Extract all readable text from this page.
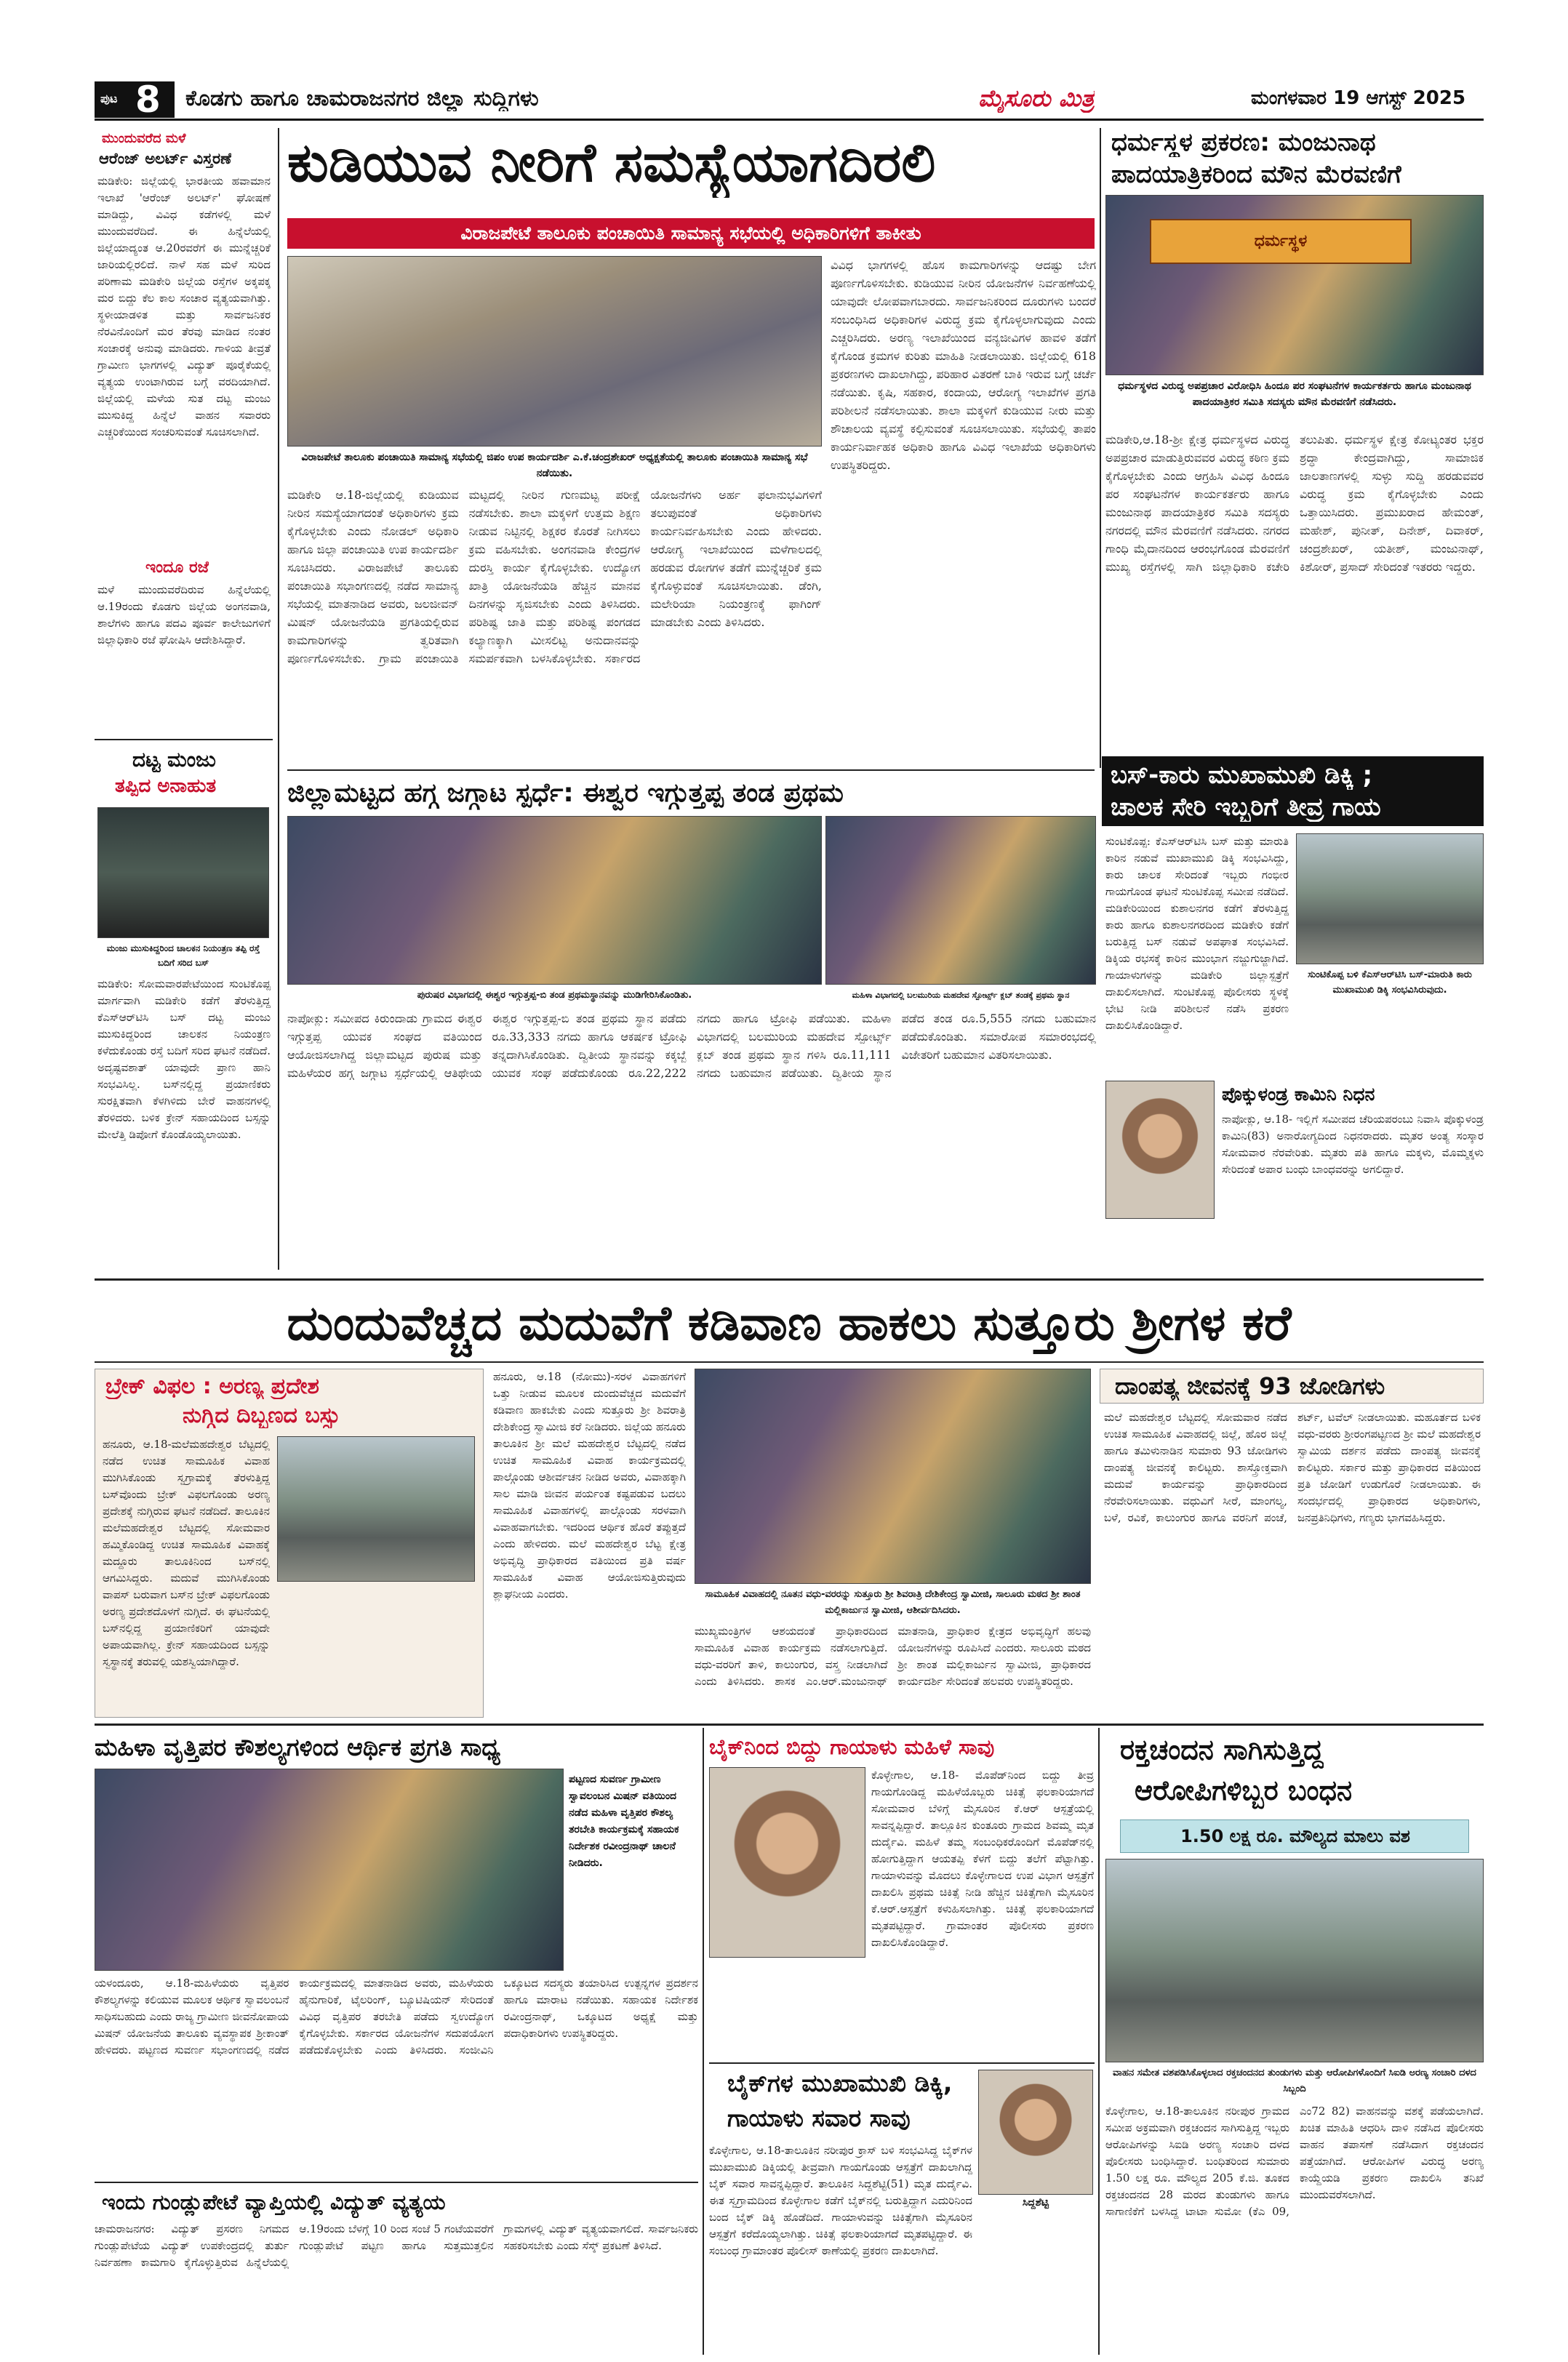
ಪುಟ 8 ಕೊಡಗು ಹಾಗೂ ಚಾಮರಾಜನಗರ ಜಿಲ್ಲಾ ಸುದ್ದಿಗಳು	ಮೈಸೂರು ಮಿತ್ರ	ಮಂಗಳವಾರ 19 ಆಗಸ್ಟ್ 2025
ಮುಂದುವರೆದ ಮಳೆ
ಆರೆಂಜ್ ಅಲರ್ಟ್ ವಿಸ್ತರಣೆ
ಮಡಿಕೇರಿ: ಜಿಲ್ಲೆಯಲ್ಲಿ ಭಾರತೀಯ ಹವಾಮಾನ ಇಲಾಖೆ 'ಆರೆಂಜ್ ಅಲರ್ಟ್' ಘೋಷಣೆ ಮಾಡಿದ್ದು, ವಿವಿಧ ಕಡೆಗಳಲ್ಲಿ ಮಳೆ ಮುಂದುವರೆದಿದೆ. ಈ ಹಿನ್ನೆಲೆಯಲ್ಲಿ ಜಿಲ್ಲೆಯಾದ್ಯಂತ ಆ.20ರವರೆಗೆ ಈ ಮುನ್ನೆಚ್ಚರಿಕೆ ಜಾರಿಯಲ್ಲಿರಲಿದೆ. ನಾಳೆ ಸಹ ಮಳೆ ಸುರಿದ ಪರಿಣಾಮ ಮಡಿಕೇರಿ ಜಿಲ್ಲೆಯ ರಸ್ತೆಗಳ ಅಕ್ಕಪಕ್ಕ ಮರ ಬಿದ್ದು ಕೆಲ ಕಾಲ ಸಂಚಾರ ವ್ಯತ್ಯಯವಾಗಿತ್ತು. ಸ್ಥಳೀಯಾಡಳಿತ ಮತ್ತು ಸಾರ್ವಜನಿಕರ ನೆರವಿನೊಂದಿಗೆ ಮರ ತೆರವು ಮಾಡಿದ ನಂತರ ಸಂಚಾರಕ್ಕೆ ಅನುವು ಮಾಡಿದರು. ಗಾಳಿಯ ತೀವ್ರತೆ ಗ್ರಾಮೀಣ ಭಾಗಗಳಲ್ಲಿ ವಿದ್ಯುತ್ ಪೂರೈಕೆಯಲ್ಲಿ ವ್ಯತ್ಯಯ ಉಂಟಾಗಿರುವ ಬಗ್ಗೆ ವರದಿಯಾಗಿದೆ. ಜಿಲ್ಲೆಯಲ್ಲಿ ಮಳೆಯ ಸುತ ದಟ್ಟ ಮಂಜು ಮುಸುಕಿದ್ದ ಹಿನ್ನೆಲೆ ವಾಹನ ಸವಾರರು ಎಚ್ಚರಿಕೆಯಿಂದ ಸಂಚರಿಸುವಂತೆ ಸೂಚಿಸಲಾಗಿದೆ.
ಇಂದೂ ರಜೆ
ಮಳೆ ಮುಂದುವರೆದಿರುವ ಹಿನ್ನೆಲೆಯಲ್ಲಿ ಆ.19ರಂದು ಕೊಡಗು ಜಿಲ್ಲೆಯ ಅಂಗನವಾಡಿ, ಶಾಲೆಗಳು ಹಾಗೂ ಪದವಿ ಪೂರ್ವ ಕಾಲೇಜುಗಳಿಗೆ ಜಿಲ್ಲಾಧಿಕಾರಿ ರಜೆ ಘೋಷಿಸಿ ಆದೇಶಿಸಿದ್ದಾರೆ.
ದಟ್ಟ ಮಂಜು
ತಪ್ಪಿದ ಅನಾಹುತ
ಮಂಜು ಮುಸುಕಿದ್ದರಿಂದ ಚಾಲಕನ ನಿಯಂತ್ರಣ ತಪ್ಪಿ ರಸ್ತೆ ಬದಿಗೆ ಸರಿದ ಬಸ್
ಮಡಿಕೇರಿ: ಸೋಮವಾರಪೇಟೆಯಿಂದ ಸುಂಟಿಕೊಪ್ಪ ಮಾರ್ಗವಾಗಿ ಮಡಿಕೇರಿ ಕಡೆಗೆ ತೆರಳುತ್ತಿದ್ದ ಕೆಎಸ್ಆರ್‌ಟಿಸಿ ಬಸ್ ದಟ್ಟ ಮಂಜು ಮುಸುಕಿದ್ದರಿಂದ ಚಾಲಕನ ನಿಯಂತ್ರಣ ಕಳೆದುಕೊಂಡು ರಸ್ತೆ ಬದಿಗೆ ಸರಿದ ಘಟನೆ ನಡೆದಿದೆ. ಅದೃಷ್ಟವಶಾತ್ ಯಾವುದೇ ಪ್ರಾಣ ಹಾನಿ ಸಂಭವಿಸಿಲ್ಲ. ಬಸ್‌ನಲ್ಲಿದ್ದ ಪ್ರಯಾಣಿಕರು ಸುರಕ್ಷಿತವಾಗಿ ಕೆಳಗಿಳಿದು ಬೇರೆ ವಾಹನಗಳಲ್ಲಿ ತೆರಳಿದರು. ಬಳಿಕ ಕ್ರೇನ್ ಸಹಾಯದಿಂದ ಬಸ್ಸನ್ನು ಮೇಲೆತ್ತಿ ಡಿಪೋಗೆ ಕೊಂಡೊಯ್ಯಲಾಯಿತು.
ಕುಡಿಯುವ ನೀರಿಗೆ ಸಮಸ್ಯೆಯಾಗದಿರಲಿ
ವಿರಾಜಪೇಟೆ ತಾಲೂಕು ಪಂಚಾಯಿತಿ ಸಾಮಾನ್ಯ ಸಭೆಯಲ್ಲಿ ಅಧಿಕಾರಿಗಳಿಗೆ ತಾಕೀತು
ವಿರಾಜಪೇಟೆ ತಾಲೂಕು ಪಂಚಾಯಿತಿ ಸಾಮಾನ್ಯ ಸಭೆಯಲ್ಲಿ ಜಿಪಂ ಉಪ ಕಾರ್ಯದರ್ಶಿ ಎ.ಕೆ.ಚಂದ್ರಶೇಖರ್ ಅಧ್ಯಕ್ಷತೆಯಲ್ಲಿ ತಾಲೂಕು ಪಂಚಾಯಿತಿ ಸಾಮಾನ್ಯ ಸಭೆ ನಡೆಯಿತು.
ವಿವಿಧ ಭಾಗಗಳಲ್ಲಿ ಹೊಸ ಕಾಮಗಾರಿಗಳನ್ನು ಆದಷ್ಟು ಬೇಗ ಪೂರ್ಣಗೊಳಿಸಬೇಕು. ಕುಡಿಯುವ ನೀರಿನ ಯೋಜನೆಗಳ ನಿರ್ವಹಣೆಯಲ್ಲಿ ಯಾವುದೇ ಲೋಪವಾಗಬಾರದು. ಸಾರ್ವಜನಿಕರಿಂದ ದೂರುಗಳು ಬಂದರೆ ಸಂಬಂಧಿಸಿದ ಅಧಿಕಾರಿಗಳ ವಿರುದ್ಧ ಕ್ರಮ ಕೈಗೊಳ್ಳಲಾಗುವುದು ಎಂದು ಎಚ್ಚರಿಸಿದರು. ಅರಣ್ಯ ಇಲಾಖೆಯಿಂದ ವನ್ಯಜೀವಿಗಳ ಹಾವಳಿ ತಡೆಗೆ ಕೈಗೊಂಡ ಕ್ರಮಗಳ ಕುರಿತು ಮಾಹಿತಿ ನೀಡಲಾಯಿತು. ಜಿಲ್ಲೆಯಲ್ಲಿ 618 ಪ್ರಕರಣಗಳು ದಾಖಲಾಗಿದ್ದು, ಪರಿಹಾರ ವಿತರಣೆ ಬಾಕಿ ಇರುವ ಬಗ್ಗೆ ಚರ್ಚೆ ನಡೆಯಿತು. ಕೃಷಿ, ಸಹಕಾರ, ಕಂದಾಯ, ಆರೋಗ್ಯ ಇಲಾಖೆಗಳ ಪ್ರಗತಿ ಪರಿಶೀಲನೆ ನಡೆಸಲಾಯಿತು. ಶಾಲಾ ಮಕ್ಕಳಿಗೆ ಕುಡಿಯುವ ನೀರು ಮತ್ತು ಶೌಚಾಲಯ ವ್ಯವಸ್ಥೆ ಕಲ್ಪಿಸುವಂತೆ ಸೂಚಿಸಲಾಯಿತು. ಸಭೆಯಲ್ಲಿ ತಾಪಂ ಕಾರ್ಯನಿರ್ವಾಹಕ ಅಧಿಕಾರಿ ಹಾಗೂ ವಿವಿಧ ಇಲಾಖೆಯ ಅಧಿಕಾರಿಗಳು ಉಪಸ್ಥಿತರಿದ್ದರು.
ಮಡಿಕೇರಿ ಆ.18-ಜಿಲ್ಲೆಯಲ್ಲಿ ಕುಡಿಯುವ ನೀರಿನ ಸಮಸ್ಯೆಯಾಗದಂತೆ ಅಧಿಕಾರಿಗಳು ಕ್ರಮ ಕೈಗೊಳ್ಳಬೇಕು ಎಂದು ನೋಡಲ್ ಅಧಿಕಾರಿ ಹಾಗೂ ಜಿಲ್ಲಾ ಪಂಚಾಯಿತಿ ಉಪ ಕಾರ್ಯದರ್ಶಿ ಸೂಚಿಸಿದರು. ವಿರಾಜಪೇಟೆ ತಾಲೂಕು ಪಂಚಾಯಿತಿ ಸಭಾಂಗಣದಲ್ಲಿ ನಡೆದ ಸಾಮಾನ್ಯ ಸಭೆಯಲ್ಲಿ ಮಾತನಾಡಿದ ಅವರು, ಜಲಜೀವನ್ ಮಿಷನ್ ಯೋಜನೆಯಡಿ ಪ್ರಗತಿಯಲ್ಲಿರುವ ಕಾಮಗಾರಿಗಳನ್ನು ತ್ವರಿತವಾಗಿ ಪೂರ್ಣಗೊಳಿಸಬೇಕು. ಗ್ರಾಮ ಪಂಚಾಯಿತಿ ಮಟ್ಟದಲ್ಲಿ ನೀರಿನ ಗುಣಮಟ್ಟ ಪರೀಕ್ಷೆ ನಡೆಸಬೇಕು. ಶಾಲಾ ಮಕ್ಕಳಿಗೆ ಉತ್ತಮ ಶಿಕ್ಷಣ ನೀಡುವ ನಿಟ್ಟಿನಲ್ಲಿ ಶಿಕ್ಷಕರ ಕೊರತೆ ನೀಗಿಸಲು ಕ್ರಮ ವಹಿಸಬೇಕು. ಅಂಗನವಾಡಿ ಕೇಂದ್ರಗಳ ದುರಸ್ತಿ ಕಾರ್ಯ ಕೈಗೊಳ್ಳಬೇಕು. ಉದ್ಯೋಗ ಖಾತ್ರಿ ಯೋಜನೆಯಡಿ ಹೆಚ್ಚಿನ ಮಾನವ ದಿನಗಳನ್ನು ಸೃಜಿಸಬೇಕು ಎಂದು ತಿಳಿಸಿದರು. ಪರಿಶಿಷ್ಟ ಜಾತಿ ಮತ್ತು ಪರಿಶಿಷ್ಟ ಪಂಗಡದ ಕಲ್ಯಾಣಕ್ಕಾಗಿ ಮೀಸಲಿಟ್ಟ ಅನುದಾನವನ್ನು ಸಮರ್ಪಕವಾಗಿ ಬಳಸಿಕೊಳ್ಳಬೇಕು. ಸರ್ಕಾರದ ಯೋಜನೆಗಳು ಅರ್ಹ ಫಲಾನುಭವಿಗಳಿಗೆ ತಲುಪುವಂತೆ ಅಧಿಕಾರಿಗಳು ಕಾರ್ಯನಿರ್ವಹಿಸಬೇಕು ಎಂದು ಹೇಳಿದರು. ಆರೋಗ್ಯ ಇಲಾಖೆಯಿಂದ ಮಳೆಗಾಲದಲ್ಲಿ ಹರಡುವ ರೋಗಗಳ ತಡೆಗೆ ಮುನ್ನೆಚ್ಚರಿಕೆ ಕ್ರಮ ಕೈಗೊಳ್ಳುವಂತೆ ಸೂಚಿಸಲಾಯಿತು. ಡೆಂಗಿ, ಮಲೇರಿಯಾ ನಿಯಂತ್ರಣಕ್ಕೆ ಫಾಗಿಂಗ್ ಮಾಡಬೇಕು ಎಂದು ತಿಳಿಸಿದರು.
ಧರ್ಮಸ್ಥಳ ಪ್ರಕರಣ: ಮಂಜುನಾಥ
ಪಾದಯಾತ್ರಿಕರಿಂದ ಮೌನ ಮೆರವಣಿಗೆ
ಧರ್ಮಸ್ಥಳ
ಧರ್ಮಸ್ಥಳದ ವಿರುದ್ಧ ಅಪಪ್ರಚಾರ ವಿರೋಧಿಸಿ ಹಿಂದೂ ಪರ ಸಂಘಟನೆಗಳ ಕಾರ್ಯಕರ್ತರು ಹಾಗೂ ಮಂಜುನಾಥ ಪಾದಯಾತ್ರಿಕರ ಸಮಿತಿ ಸದಸ್ಯರು ಮೌನ ಮೆರವಣಿಗೆ ನಡೆಸಿದರು.
ಮಡಿಕೇರಿ,ಆ.18-ಶ್ರೀ ಕ್ಷೇತ್ರ ಧರ್ಮಸ್ಥಳದ ವಿರುದ್ಧ ಅಪಪ್ರಚಾರ ಮಾಡುತ್ತಿರುವವರ ವಿರುದ್ಧ ಕಠಿಣ ಕ್ರಮ ಕೈಗೊಳ್ಳಬೇಕು ಎಂದು ಆಗ್ರಹಿಸಿ ವಿವಿಧ ಹಿಂದೂ ಪರ ಸಂಘಟನೆಗಳ ಕಾರ್ಯಕರ್ತರು ಹಾಗೂ ಮಂಜುನಾಥ ಪಾದಯಾತ್ರಿಕರ ಸಮಿತಿ ಸದಸ್ಯರು ನಗರದಲ್ಲಿ ಮೌನ ಮೆರವಣಿಗೆ ನಡೆಸಿದರು. ನಗರದ ಗಾಂಧಿ ಮೈದಾನದಿಂದ ಆರಂಭಗೊಂಡ ಮೆರವಣಿಗೆ ಮುಖ್ಯ ರಸ್ತೆಗಳಲ್ಲಿ ಸಾಗಿ ಜಿಲ್ಲಾಧಿಕಾರಿ ಕಚೇರಿ ತಲುಪಿತು. ಧರ್ಮಸ್ಥಳ ಕ್ಷೇತ್ರ ಕೋಟ್ಯಂತರ ಭಕ್ತರ ಶ್ರದ್ಧಾ ಕೇಂದ್ರವಾಗಿದ್ದು, ಸಾಮಾಜಿಕ ಜಾಲತಾಣಗಳಲ್ಲಿ ಸುಳ್ಳು ಸುದ್ದಿ ಹರಡುವವರ ವಿರುದ್ಧ ಕ್ರಮ ಕೈಗೊಳ್ಳಬೇಕು ಎಂದು ಒತ್ತಾಯಿಸಿದರು. ಪ್ರಮುಖರಾದ ಹೇಮಂತ್, ಮಹೇಶ್, ಪುನೀತ್, ದಿನೇಶ್, ದಿವಾಕರ್, ಚಂದ್ರಶೇಖರ್, ಯತೀಶ್, ಮಂಜುನಾಥ್, ಕಿಶೋರ್, ಪ್ರಸಾದ್ ಸೇರಿದಂತೆ ಇತರರು ಇದ್ದರು.
ಬಸ್-ಕಾರು ಮುಖಾಮುಖಿ ಡಿಕ್ಕಿ ;
ಚಾಲಕ ಸೇರಿ ಇಬ್ಬರಿಗೆ ತೀವ್ರ ಗಾಯ
ಸುಂಟಿಕೊಪ್ಪ: ಕೆಎಸ್ಆರ್‌ಟಿಸಿ ಬಸ್ ಮತ್ತು ಮಾರುತಿ ಕಾರಿನ ನಡುವೆ ಮುಖಾಮುಖಿ ಡಿಕ್ಕಿ ಸಂಭವಿಸಿದ್ದು, ಕಾರು ಚಾಲಕ ಸೇರಿದಂತೆ ಇಬ್ಬರು ಗಂಭೀರ ಗಾಯಗೊಂಡ ಘಟನೆ ಸುಂಟಿಕೊಪ್ಪ ಸಮೀಪ ನಡೆದಿದೆ. ಮಡಿಕೇರಿಯಿಂದ ಕುಶಾಲನಗರ ಕಡೆಗೆ ತೆರಳುತ್ತಿದ್ದ ಕಾರು ಹಾಗೂ ಕುಶಾಲನಗರದಿಂದ ಮಡಿಕೇರಿ ಕಡೆಗೆ ಬರುತ್ತಿದ್ದ ಬಸ್ ನಡುವೆ ಅಪಘಾತ ಸಂಭವಿಸಿದೆ. ಡಿಕ್ಕಿಯ ರಭಸಕ್ಕೆ ಕಾರಿನ ಮುಂಭಾಗ ನಜ್ಜುಗುಜ್ಜಾಗಿದೆ. ಗಾಯಾಳುಗಳನ್ನು ಮಡಿಕೇರಿ ಜಿಲ್ಲಾಸ್ಪತ್ರೆಗೆ ದಾಖಲಿಸಲಾಗಿದೆ. ಸುಂಟಿಕೊಪ್ಪ ಪೊಲೀಸರು ಸ್ಥಳಕ್ಕೆ ಭೇಟಿ ನೀಡಿ ಪರಿಶೀಲನೆ ನಡೆಸಿ ಪ್ರಕರಣ ದಾಖಲಿಸಿಕೊಂಡಿದ್ದಾರೆ.
ಸುಂಟಿಕೊಪ್ಪ ಬಳಿ ಕೆಎಸ್ಆರ್‌ಟಿಸಿ ಬಸ್-ಮಾರುತಿ ಕಾರು ಮುಖಾಮುಖಿ ಡಿಕ್ಕಿ ಸಂಭವಿಸಿರುವುದು.
ಜಿಲ್ಲಾಮಟ್ಟದ ಹಗ್ಗ ಜಗ್ಗಾಟ ಸ್ಪರ್ಧೆ: ಈಶ್ವರ ಇಗ್ಗುತ್ತಪ್ಪ ತಂಡ ಪ್ರಥಮ
ಪುರುಷರ ವಿಭಾಗದಲ್ಲಿ ಈಶ್ವರ ಇಗ್ಗುತ್ತಪ್ಪ-ಬಿ ತಂಡ ಪ್ರಥಮಸ್ಥಾನವನ್ನು ಮುಡಿಗೇರಿಸಿಕೊಂಡಿತು.	ಮಹಿಳಾ ವಿಭಾಗದಲ್ಲಿ ಬಲಮುರಿಯ ಮಹದೇವ ಸ್ಪೋರ್ಟ್ಸ್ ಕ್ಲಬ್ ತಂಡಕ್ಕೆ ಪ್ರಥಮ ಸ್ಥಾನ
ನಾಪೋಕ್ಲು: ಸಮೀಪದ ಕಿರುಂದಾಡು ಗ್ರಾಮದ ಈಶ್ವರ ಇಗ್ಗುತ್ತಪ್ಪ ಯುವಕ ಸಂಘದ ವತಿಯಿಂದ ಆಯೋಜಿಸಲಾಗಿದ್ದ ಜಿಲ್ಲಾಮಟ್ಟದ ಪುರುಷ ಮತ್ತು ಮಹಿಳೆಯರ ಹಗ್ಗ ಜಗ್ಗಾಟ ಸ್ಪರ್ಧೆಯಲ್ಲಿ ಆತಿಥೇಯ ಈಶ್ವರ ಇಗ್ಗುತ್ತಪ್ಪ-ಬಿ ತಂಡ ಪ್ರಥಮ ಸ್ಥಾನ ಪಡೆದು ರೂ.33,333 ನಗದು ಹಾಗೂ ಆಕರ್ಷಕ ಟ್ರೋಫಿ ತನ್ನದಾಗಿಸಿಕೊಂಡಿತು. ದ್ವಿತೀಯ ಸ್ಥಾನವನ್ನು ಕಕ್ಕಬ್ಬೆ ಯುವಕ ಸಂಘ ಪಡೆದುಕೊಂಡು ರೂ.22,222 ನಗದು ಹಾಗೂ ಟ್ರೋಫಿ ಪಡೆಯಿತು. ಮಹಿಳಾ ವಿಭಾಗದಲ್ಲಿ ಬಲಮುರಿಯ ಮಹದೇವ ಸ್ಪೋರ್ಟ್ಸ್ ಕ್ಲಬ್ ತಂಡ ಪ್ರಥಮ ಸ್ಥಾನ ಗಳಿಸಿ ರೂ.11,111 ನಗದು ಬಹುಮಾನ ಪಡೆಯಿತು. ದ್ವಿತೀಯ ಸ್ಥಾನ ಪಡೆದ ತಂಡ ರೂ.5,555 ನಗದು ಬಹುಮಾನ ಪಡೆದುಕೊಂಡಿತು. ಸಮಾರೋಪ ಸಮಾರಂಭದಲ್ಲಿ ವಿಜೇತರಿಗೆ ಬಹುಮಾನ ವಿತರಿಸಲಾಯಿತು.
ಪೊಕ್ಕುಳಂಡ್ರ ಕಾಮಿನಿ ನಿಧನ
ನಾಪೋಕ್ಲು, ಆ.18- ಇಲ್ಲಿಗೆ ಸಮೀಪದ ಚೆರಿಯಪರಂಬು ನಿವಾಸಿ ಪೊಕ್ಕುಳಂಡ್ರ ಕಾಮಿನಿ(83) ಅನಾರೋಗ್ಯದಿಂದ ನಿಧನರಾದರು. ಮೃತರ ಅಂತ್ಯ ಸಂಸ್ಕಾರ ಸೋಮವಾರ ನೆರವೇರಿತು. ಮೃತರು ಪತಿ ಹಾಗೂ ಮಕ್ಕಳು, ಮೊಮ್ಮಕ್ಕಳು ಸೇರಿದಂತೆ ಅಪಾರ ಬಂಧು ಬಾಂಧವರನ್ನು ಅಗಲಿದ್ದಾರೆ.
ದುಂದುವೆಚ್ಚದ ಮದುವೆಗೆ ಕಡಿವಾಣ ಹಾಕಲು ಸುತ್ತೂರು ಶ್ರೀಗಳ ಕರೆ
ಬ್ರೇಕ್ ವಿಫಲ : ಅರಣ್ಯ ಪ್ರದೇಶ
ನುಗ್ಗಿದ ದಿಬ್ಬಣದ ಬಸ್ಸು
ಹನೂರು, ಆ.18-ಮಲೆಮಹದೇಶ್ವರ ಬೆಟ್ಟದಲ್ಲಿ ನಡೆದ ಉಚಿತ ಸಾಮೂಹಿಕ ವಿವಾಹ ಮುಗಿಸಿಕೊಂಡು ಸ್ವಗ್ರಾಮಕ್ಕೆ ತೆರಳುತ್ತಿದ್ದ ಬಸ್‌ವೊಂದು ಬ್ರೇಕ್ ವಿಫಲಗೊಂಡು ಅರಣ್ಯ ಪ್ರದೇಶಕ್ಕೆ ನುಗ್ಗಿರುವ ಘಟನೆ ನಡೆದಿದೆ. ತಾಲೂಕಿನ ಮಲೆಮಹದೇಶ್ವರ ಬೆಟ್ಟದಲ್ಲಿ ಸೋಮವಾರ ಹಮ್ಮಿಕೊಂಡಿದ್ದ ಉಚಿತ ಸಾಮೂಹಿಕ ವಿವಾಹಕ್ಕೆ ಮದ್ದೂರು ತಾಲೂಕಿನಿಂದ ಬಸ್‌ನಲ್ಲಿ ಆಗಮಿಸಿದ್ದರು. ಮದುವೆ ಮುಗಿಸಿಕೊಂಡು ವಾಪಸ್ ಬರುವಾಗ ಬಸ್‌ನ ಬ್ರೇಕ್ ವಿಫಲಗೊಂಡು ಅರಣ್ಯ ಪ್ರದೇಶದೊಳಗೆ ನುಗ್ಗಿದೆ. ಈ ಘಟನೆಯಲ್ಲಿ ಬಸ್‌ನಲ್ಲಿದ್ದ ಪ್ರಯಾಣಿಕರಿಗೆ ಯಾವುದೇ ಅಪಾಯವಾಗಿಲ್ಲ. ಕ್ರೇನ್ ಸಹಾಯದಿಂದ ಬಸ್ಸನ್ನು ಸ್ವಸ್ಥಾನಕ್ಕೆ ತರುವಲ್ಲಿ ಯಶಸ್ವಿಯಾಗಿದ್ದಾರೆ.
ಹನೂರು, ಆ.18 (ನೋಮು)-ಸರಳ ವಿವಾಹಗಳಿಗೆ ಒತ್ತು ನೀಡುವ ಮೂಲಕ ದುಂದುವೆಚ್ಚದ ಮದುವೆಗೆ ಕಡಿವಾಣ ಹಾಕಬೇಕು ಎಂದು ಸುತ್ತೂರು ಶ್ರೀ ಶಿವರಾತ್ರಿ ದೇಶಿಕೇಂದ್ರ ಸ್ವಾಮೀಜಿ ಕರೆ ನೀಡಿದರು. ಜಿಲ್ಲೆಯ ಹನೂರು ತಾಲೂಕಿನ ಶ್ರೀ ಮಲೆ ಮಹದೇಶ್ವರ ಬೆಟ್ಟದಲ್ಲಿ ನಡೆದ ಉಚಿತ ಸಾಮೂಹಿಕ ವಿವಾಹ ಕಾರ್ಯಕ್ರಮದಲ್ಲಿ ಪಾಲ್ಗೊಂಡು ಆಶೀರ್ವಚನ ನೀಡಿದ ಅವರು, ವಿವಾಹಕ್ಕಾಗಿ ಸಾಲ ಮಾಡಿ ಜೀವನ ಪರ್ಯಂತ ಕಷ್ಟಪಡುವ ಬದಲು ಸಾಮೂಹಿಕ ವಿವಾಹಗಳಲ್ಲಿ ಪಾಲ್ಗೊಂಡು ಸರಳವಾಗಿ ವಿವಾಹವಾಗಬೇಕು. ಇದರಿಂದ ಆರ್ಥಿಕ ಹೊರೆ ತಪ್ಪುತ್ತದೆ ಎಂದು ಹೇಳಿದರು. ಮಲೆ ಮಹದೇಶ್ವರ ಬೆಟ್ಟ ಕ್ಷೇತ್ರ ಅಭಿವೃದ್ಧಿ ಪ್ರಾಧಿಕಾರದ ವತಿಯಿಂದ ಪ್ರತಿ ವರ್ಷ ಸಾಮೂಹಿಕ ವಿವಾಹ ಆಯೋಜಿಸುತ್ತಿರುವುದು ಶ್ಲಾಘನೀಯ ಎಂದರು.	ಸಾಮೂಹಿಕ ವಿವಾಹದಲ್ಲಿ ನೂತನ ವಧು-ವರರನ್ನು ಸುತ್ತೂರು ಶ್ರೀ ಶಿವರಾತ್ರಿ ದೇಶಿಕೇಂದ್ರ ಸ್ವಾಮೀಜಿ, ಸಾಲೂರು ಮಠದ ಶ್ರೀ ಶಾಂತ ಮಲ್ಲಿಕಾರ್ಜುನ ಸ್ವಾಮೀಜಿ, ಆಶೀರ್ವದಿಸಿದರು.
ಮುಖ್ಯಮಂತ್ರಿಗಳ ಆಶಯದಂತೆ ಪ್ರಾಧಿಕಾರದಿಂದ ಸಾಮೂಹಿಕ ವಿವಾಹ ಕಾರ್ಯಕ್ರಮ ನಡೆಸಲಾಗುತ್ತಿದೆ. ವಧು-ವರರಿಗೆ ತಾಳಿ, ಕಾಲುಂಗುರ, ವಸ್ತ್ರ ನೀಡಲಾಗಿದೆ ಎಂದು ತಿಳಿಸಿದರು. ಶಾಸಕ ಎಂ.ಆರ್.ಮಂಜುನಾಥ್ ಮಾತನಾಡಿ, ಪ್ರಾಧಿಕಾರ ಕ್ಷೇತ್ರದ ಅಭಿವೃದ್ಧಿಗೆ ಹಲವು ಯೋಜನೆಗಳನ್ನು ರೂಪಿಸಿದೆ ಎಂದರು. ಸಾಲೂರು ಮಠದ ಶ್ರೀ ಶಾಂತ ಮಲ್ಲಿಕಾರ್ಜುನ ಸ್ವಾಮೀಜಿ, ಪ್ರಾಧಿಕಾರದ ಕಾರ್ಯದರ್ಶಿ ಸೇರಿದಂತೆ ಹಲವರು ಉಪಸ್ಥಿತರಿದ್ದರು.
ದಾಂಪತ್ಯ ಜೀವನಕ್ಕೆ 93 ಜೋಡಿಗಳು
ಮಲೆ ಮಹದೇಶ್ವರ ಬೆಟ್ಟದಲ್ಲಿ ಸೋಮವಾರ ನಡೆದ ಉಚಿತ ಸಾಮೂಹಿಕ ವಿವಾಹದಲ್ಲಿ ಜಿಲ್ಲೆ, ಹೊರ ಜಿಲ್ಲೆ ಹಾಗೂ ತಮಿಳುನಾಡಿನ ಸುಮಾರು 93 ಜೋಡಿಗಳು ದಾಂಪತ್ಯ ಜೀವನಕ್ಕೆ ಕಾಲಿಟ್ಟರು. ಶಾಸ್ತ್ರೋಕ್ತವಾಗಿ ಮದುವೆ ಕಾರ್ಯವನ್ನು ಪ್ರಾಧಿಕಾರದಿಂದ ನೆರವೇರಿಸಲಾಯಿತು. ವಧುವಿಗೆ ಸೀರೆ, ಮಾಂಗಲ್ಯ, ಬಳೆ, ರವಿಕೆ, ಕಾಲುಂಗುರ ಹಾಗೂ ವರನಿಗೆ ಪಂಚೆ, ಶರ್ಟ್, ಟವೆಲ್ ನೀಡಲಾಯಿತು. ಮಹೂರ್ತದ ಬಳಿಕ ವಧು-ವರರು ಶ್ರೀರಂಗಪಟ್ಟಣದ ಶ್ರೀ ಮಲೆ ಮಹದೇಶ್ವರ ಸ್ವಾಮಿಯ ದರ್ಶನ ಪಡೆದು ದಾಂಪತ್ಯ ಜೀವನಕ್ಕೆ ಕಾಲಿಟ್ಟರು. ಸರ್ಕಾರ ಮತ್ತು ಪ್ರಾಧಿಕಾರದ ವತಿಯಿಂದ ಪ್ರತಿ ಜೋಡಿಗೆ ಉಡುಗೊರೆ ನೀಡಲಾಯಿತು. ಈ ಸಂದರ್ಭದಲ್ಲಿ ಪ್ರಾಧಿಕಾರದ ಅಧಿಕಾರಿಗಳು, ಜನಪ್ರತಿನಿಧಿಗಳು, ಗಣ್ಯರು ಭಾಗವಹಿಸಿದ್ದರು.
ಮಹಿಳಾ ವೃತ್ತಿಪರ ಕೌಶಲ್ಯಗಳಿಂದ ಆರ್ಥಿಕ ಪ್ರಗತಿ ಸಾಧ್ಯ
ಪಟ್ಟಣದ ಸುವರ್ಣ ಗ್ರಾಮೀಣ ಸ್ವಾವಲಂಬನ ಮಿಷನ್ ವತಿಯಿಂದ ನಡೆದ ಮಹಿಳಾ ವೃತ್ತಿಪರ ಕೌಶಲ್ಯ ತರಬೇತಿ ಕಾರ್ಯಕ್ರಮಕ್ಕೆ ಸಹಾಯಕ ನಿರ್ದೇಶಕ ರವೀಂದ್ರನಾಥ್ ಚಾಲನೆ ನೀಡಿದರು.
ಯಳಂದೂರು, ಆ.18-ಮಹಿಳೆಯರು ವೃತ್ತಿಪರ ಕೌಶಲ್ಯಗಳನ್ನು ಕಲಿಯುವ ಮೂಲಕ ಆರ್ಥಿಕ ಸ್ವಾವಲಂಬನೆ ಸಾಧಿಸಬಹುದು ಎಂದು ರಾಜ್ಯ ಗ್ರಾಮೀಣ ಜೀವನೋಪಾಯ ಮಿಷನ್ ಯೋಜನೆಯ ತಾಲೂಕು ವ್ಯವಸ್ಥಾಪಕ ಶ್ರೀಕಾಂತ್ ಹೇಳಿದರು. ಪಟ್ಟಣದ ಸುವರ್ಣ ಸಭಾಂಗಣದಲ್ಲಿ ನಡೆದ ಕಾರ್ಯಕ್ರಮದಲ್ಲಿ ಮಾತನಾಡಿದ ಅವರು, ಮಹಿಳೆಯರು ಹೈನುಗಾರಿಕೆ, ಟೈಲರಿಂಗ್, ಬ್ಯೂಟಿಷಿಯನ್ ಸೇರಿದಂತೆ ವಿವಿಧ ವೃತ್ತಿಪರ ತರಬೇತಿ ಪಡೆದು ಸ್ವಉದ್ಯೋಗ ಕೈಗೊಳ್ಳಬೇಕು. ಸರ್ಕಾರದ ಯೋಜನೆಗಳ ಸದುಪಯೋಗ ಪಡೆದುಕೊಳ್ಳಬೇಕು ಎಂದು ತಿಳಿಸಿದರು. ಸಂಜೀವಿನಿ ಒಕ್ಕೂಟದ ಸದಸ್ಯರು ತಯಾರಿಸಿದ ಉತ್ಪನ್ನಗಳ ಪ್ರದರ್ಶನ ಹಾಗೂ ಮಾರಾಟ ನಡೆಯಿತು. ಸಹಾಯಕ ನಿರ್ದೇಶಕ ರವೀಂದ್ರನಾಥ್, ಒಕ್ಕೂಟದ ಅಧ್ಯಕ್ಷೆ ಮತ್ತು ಪದಾಧಿಕಾರಿಗಳು ಉಪಸ್ಥಿತರಿದ್ದರು.
ಇಂದು ಗುಂಡ್ಲುಪೇಟೆ ವ್ಯಾಪ್ತಿಯಲ್ಲಿ ವಿದ್ಯುತ್ ವ್ಯತ್ಯಯ
ಚಾಮರಾಜನಗರ: ವಿದ್ಯುತ್ ಪ್ರಸರಣ ನಿಗಮದ ಗುಂಡ್ಲುಪೇಟೆಯ ವಿದ್ಯುತ್ ಉಪಕೇಂದ್ರದಲ್ಲಿ ತುರ್ತು ನಿರ್ವಹಣಾ ಕಾಮಗಾರಿ ಕೈಗೊಳ್ಳುತ್ತಿರುವ ಹಿನ್ನೆಲೆಯಲ್ಲಿ ಆ.19ರಂದು ಬೆಳಗ್ಗೆ 10 ರಿಂದ ಸಂಜೆ 5 ಗಂಟೆಯವರೆಗೆ ಗುಂಡ್ಲುಪೇಟೆ ಪಟ್ಟಣ ಹಾಗೂ ಸುತ್ತಮುತ್ತಲಿನ ಗ್ರಾಮಗಳಲ್ಲಿ ವಿದ್ಯುತ್ ವ್ಯತ್ಯಯವಾಗಲಿದೆ. ಸಾರ್ವಜನಿಕರು ಸಹಕರಿಸಬೇಕು ಎಂದು ಸೆಸ್ಕ್ ಪ್ರಕಟಣೆ ತಿಳಿಸಿದೆ.
ಬೈಕ್‌ನಿಂದ ಬಿದ್ದು ಗಾಯಾಳು ಮಹಿಳೆ ಸಾವು
ಕೊಳ್ಳೇಗಾಲ, ಆ.18- ಮೊಪೆಡ್‌ನಿಂದ ಬಿದ್ದು ತೀವ್ರ ಗಾಯಗೊಂಡಿದ್ದ ಮಹಿಳೆಯೊಬ್ಬರು ಚಿಕಿತ್ಸೆ ಫಲಕಾರಿಯಾಗದೆ ಸೋಮವಾರ ಬೆಳಿಗ್ಗೆ ಮೈಸೂರಿನ ಕೆ.ಆರ್ ಆಸ್ಪತ್ರೆಯಲ್ಲಿ ಸಾವನ್ನಪ್ಪಿದ್ದಾರೆ. ತಾಲ್ಲೂಕಿನ ಕುಂತೂರು ಗ್ರಾಮದ ಶಿವಮ್ಮ ಮೃತ ದುರ್ದೈವಿ. ಮಹಿಳೆ ತಮ್ಮ ಸಂಬಂಧಿಕರೊಂದಿಗೆ ಮೊಪೆಡ್‌ನಲ್ಲಿ ಹೋಗುತ್ತಿದ್ದಾಗ ಆಯತಪ್ಪಿ ಕೆಳಗೆ ಬಿದ್ದು ತಲೆಗೆ ಪೆಟ್ಟಾಗಿತ್ತು. ಗಾಯಾಳುವನ್ನು ಮೊದಲು ಕೊಳ್ಳೇಗಾಲದ ಉಪ ವಿಭಾಗ ಆಸ್ಪತ್ರೆಗೆ ದಾಖಲಿಸಿ ಪ್ರಥಮ ಚಿಕಿತ್ಸೆ ನೀಡಿ ಹೆಚ್ಚಿನ ಚಿಕಿತ್ಸೆಗಾಗಿ ಮೈಸೂರಿನ ಕೆ.ಆರ್.ಆಸ್ಪತ್ರೆಗೆ ಕಳುಹಿಸಲಾಗಿತ್ತು. ಚಿಕಿತ್ಸೆ ಫಲಕಾರಿಯಾಗದೆ ಮೃತಪಟ್ಟಿದ್ದಾರೆ. ಗ್ರಾಮಾಂತರ ಪೊಲೀಸರು ಪ್ರಕರಣ ದಾಖಲಿಸಿಕೊಂಡಿದ್ದಾರೆ.
ಬೈಕ್‌ಗಳ ಮುಖಾಮುಖಿ ಡಿಕ್ಕಿ,
ಗಾಯಾಳು ಸವಾರ ಸಾವು
ಸಿದ್ದಶೆಟ್ಟಿ
ಕೊಳ್ಳೇಗಾಲ, ಆ.18-ತಾಲೂಕಿನ ನರೀಪುರ ಕ್ರಾಸ್ ಬಳಿ ಸಂಭವಿಸಿದ್ದ ಬೈಕ್‌ಗಳ ಮುಖಾಮುಖಿ ಡಿಕ್ಕಿಯಲ್ಲಿ ತೀವ್ರವಾಗಿ ಗಾಯಗೊಂಡು ಆಸ್ಪತ್ರೆಗೆ ದಾಖಲಾಗಿದ್ದ ಬೈಕ್ ಸವಾರ ಸಾವನ್ನಪ್ಪಿದ್ದಾರೆ. ತಾಲೂಕಿನ ಸಿದ್ದಶೆಟ್ಟಿ(51) ಮೃತ ದುರ್ದೈವಿ. ಈತ ಸ್ವಗ್ರಾಮದಿಂದ ಕೊಳ್ಳೇಗಾಲ ಕಡೆಗೆ ಬೈಕ್‌ನಲ್ಲಿ ಬರುತ್ತಿದ್ದಾಗ ಎದುರಿನಿಂದ ಬಂದ ಬೈಕ್ ಡಿಕ್ಕಿ ಹೊಡೆದಿದೆ. ಗಾಯಾಳುವನ್ನು ಚಿಕಿತ್ಸೆಗಾಗಿ ಮೈಸೂರಿನ ಆಸ್ಪತ್ರೆಗೆ ಕರೆದೊಯ್ಯಲಾಗಿತ್ತು. ಚಿಕಿತ್ಸೆ ಫಲಕಾರಿಯಾಗದೆ ಮೃತಪಟ್ಟಿದ್ದಾರೆ. ಈ ಸಂಬಂಧ ಗ್ರಾಮಾಂತರ ಪೊಲೀಸ್ ಠಾಣೆಯಲ್ಲಿ ಪ್ರಕರಣ ದಾಖಲಾಗಿದೆ.
ರಕ್ತಚಂದನ ಸಾಗಿಸುತ್ತಿದ್ದ
ಆರೋಪಿಗಳಿಬ್ಬರ ಬಂಧನ
1.50 ಲಕ್ಷ ರೂ. ಮೌಲ್ಯದ ಮಾಲು ವಶ
ವಾಹನ ಸಮೇತ ವಶಪಡಿಸಿಕೊಳ್ಳಲಾದ ರಕ್ತಚಂದನದ ತುಂಡುಗಳು ಮತ್ತು ಆರೋಪಿಗಳೊಂದಿಗೆ ಸಿಐಡಿ ಅರಣ್ಯ ಸಂಚಾರಿ ದಳದ ಸಿಬ್ಬಂದಿ
ಕೊಳ್ಳೇಗಾಲ, ಆ.18-ತಾಲೂಕಿನ ನರೀಪುರ ಗ್ರಾಮದ ಸಮೀಪ ಅಕ್ರಮವಾಗಿ ರಕ್ತಚಂದನ ಸಾಗಿಸುತ್ತಿದ್ದ ಇಬ್ಬರು ಆರೋಪಿಗಳನ್ನು ಸಿಐಡಿ ಅರಣ್ಯ ಸಂಚಾರಿ ದಳದ ಪೊಲೀಸರು ಬಂಧಿಸಿದ್ದಾರೆ. ಬಂಧಿತರಿಂದ ಸುಮಾರು 1.50 ಲಕ್ಷ ರೂ. ಮೌಲ್ಯದ 205 ಕೆ.ಜಿ. ತೂಕದ ರಕ್ತಚಂದನದ 28 ಮರದ ತುಂಡುಗಳು ಹಾಗೂ ಸಾಗಾಣಿಕೆಗೆ ಬಳಸಿದ್ದ ಟಾಟಾ ಸುಮೋ (ಕೆಎ 09, ಎಂ72 82) ವಾಹನವನ್ನು ವಶಕ್ಕೆ ಪಡೆಯಲಾಗಿದೆ. ಖಚಿತ ಮಾಹಿತಿ ಆಧರಿಸಿ ದಾಳಿ ನಡೆಸಿದ ಪೊಲೀಸರು ವಾಹನ ತಪಾಸಣೆ ನಡೆಸಿದಾಗ ರಕ್ತಚಂದನ ಪತ್ತೆಯಾಗಿದೆ. ಆರೋಪಿಗಳ ವಿರುದ್ಧ ಅರಣ್ಯ ಕಾಯ್ದೆಯಡಿ ಪ್ರಕರಣ ದಾಖಲಿಸಿ ತನಿಖೆ ಮುಂದುವರೆಸಲಾಗಿದೆ.
